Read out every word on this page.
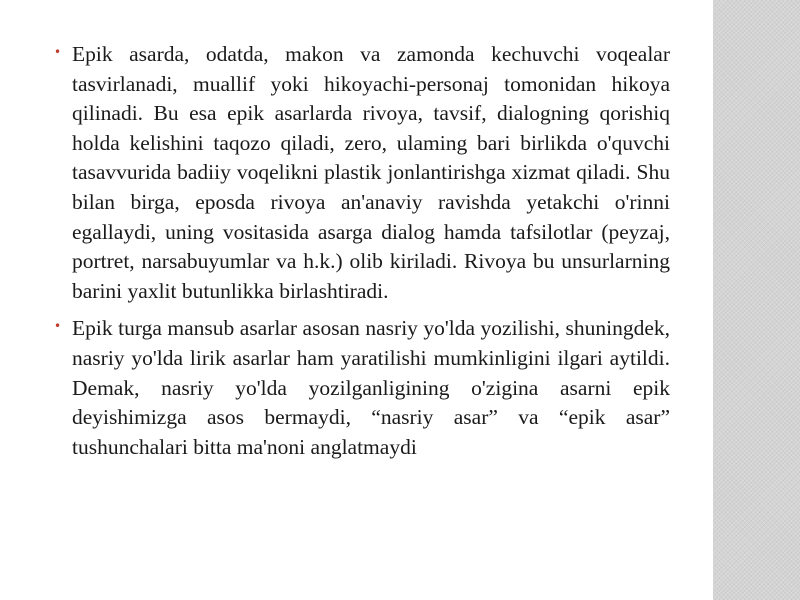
• Epik asarda, odatda, makon va zamonda kechuvchi voqealar tasvirlanadi, muallif yoki hikoyachi-personaj tomonidan hikoya qilinadi. Bu esa epik asarlarda rivoya, tavsif, dialogning qorishiq holda kelishini taqozo qiladi, zero, ulaming bari birlikda o'quvchi tasavvurida badiiy voqelikni plastik jonlantirishga xizmat qiladi. Shu bilan birga, eposda rivoya an'anaviy ravishda yetakchi o'rinni egallaydi, uning vositasida asarga dialog hamda tafsilotlar (peyzaj, portret, narsabuyumlar va h.k.) olib kiriladi. Rivoya bu unsurlarning barini yaxlit butunlikka birlashtiradi.

• Epik turga mansub asarlar asosan nasriy yo'lda yozilishi, shuningdek, nasriy yo'lda lirik asarlar ham yaratilishi mumkinligini ilgari aytildi. Demak, nasriy yo'lda yozilganligining o'zigina asarni epik deyishimizga asos bermaydi, “nasriy asar” va “epik asar” tushunchalari bitta ma'noni anglatmaydi
